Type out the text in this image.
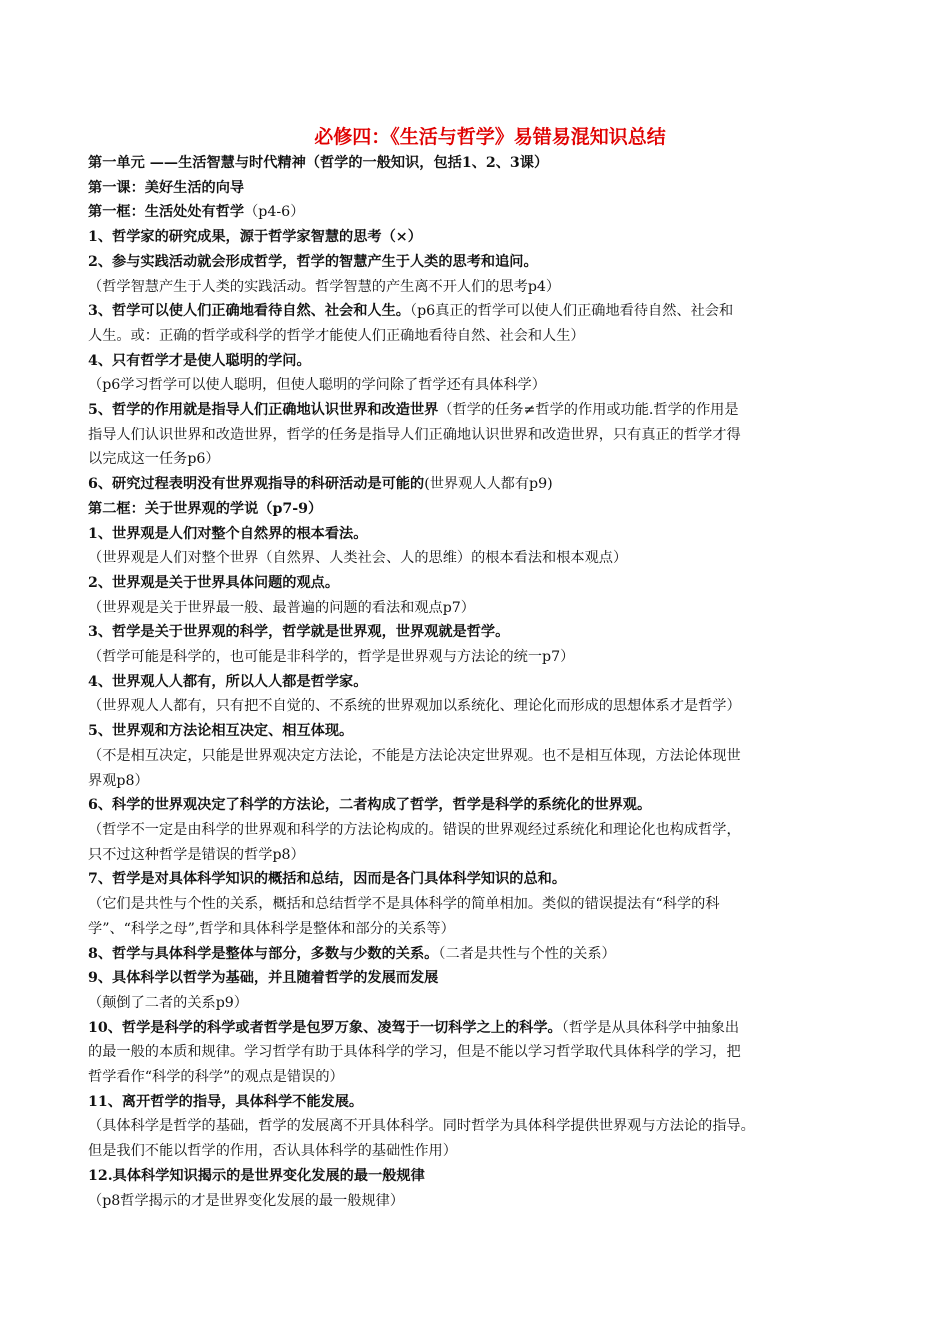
必修四：《生活与哲学》易错易混知识总结
第一单元 ——生活智慧与时代精神（哲学的一般知识，包括1、2、3课）
第一课：美好生活的向导
第一框：生活处处有哲学（p4-6）
1、哲学家的研究成果，源于哲学家智慧的思考（×）
2、参与实践活动就会形成哲学，哲学的智慧产生于人类的思考和追问。
（哲学智慧产生于人类的实践活动。哲学智慧的产生离不开人们的思考p4）
3、哲学可以使人们正确地看待自然、社会和人生。（p6真正的哲学可以使人们正确地看待自然、社会和
人生。或：正确的哲学或科学的哲学才能使人们正确地看待自然、社会和人生）
4、只有哲学才是使人聪明的学问。
（p6学习哲学可以使人聪明，但使人聪明的学问除了哲学还有具体科学）
5、哲学的作用就是指导人们正确地认识世界和改造世界（哲学的任务≠哲学的作用或功能.哲学的作用是
指导人们认识世界和改造世界，哲学的任务是指导人们正确地认识世界和改造世界，只有真正的哲学才得
以完成这一任务p6）
6、研究过程表明没有世界观指导的科研活动是可能的(世界观人人都有p9)
第二框：关于世界观的学说（p7-9）
1、世界观是人们对整个自然界的根本看法。
（世界观是人们对整个世界（自然界、人类社会、人的思维）的根本看法和根本观点）
2、世界观是关于世界具体问题的观点。
（世界观是关于世界最一般、最普遍的问题的看法和观点p7）
3、哲学是关于世界观的科学，哲学就是世界观，世界观就是哲学。
（哲学可能是科学的，也可能是非科学的，哲学是世界观与方法论的统一p7）
4、世界观人人都有，所以人人都是哲学家。
（世界观人人都有，只有把不自觉的、不系统的世界观加以系统化、理论化而形成的思想体系才是哲学）
5、世界观和方法论相互决定、相互体现。
（不是相互决定，只能是世界观决定方法论，不能是方法论决定世界观。也不是相互体现，方法论体现世
界观p8）
6、科学的世界观决定了科学的方法论，二者构成了哲学，哲学是科学的系统化的世界观。
（哲学不一定是由科学的世界观和科学的方法论构成的。错误的世界观经过系统化和理论化也构成哲学，
只不过这种哲学是错误的哲学p8）
7、哲学是对具体科学知识的概括和总结，因而是各门具体科学知识的总和。
（它们是共性与个性的关系，概括和总结哲学不是具体科学的简单相加。类似的错误提法有“科学的科
学”、“科学之母”,哲学和具体科学是整体和部分的关系等）
8、哲学与具体科学是整体与部分，多数与少数的关系。（二者是共性与个性的关系）
9、具体科学以哲学为基础，并且随着哲学的发展而发展
（颠倒了二者的关系p9）
10、哲学是科学的科学或者哲学是包罗万象、凌驾于一切科学之上的科学。（哲学是从具体科学中抽象出
的最一般的本质和规律。学习哲学有助于具体科学的学习，但是不能以学习哲学取代具体科学的学习，把
哲学看作“科学的科学”的观点是错误的）
11、离开哲学的指导，具体科学不能发展。
（具体科学是哲学的基础，哲学的发展离不开具体科学。同时哲学为具体科学提供世界观与方法论的指导。
但是我们不能以哲学的作用，否认具体科学的基础性作用）
12.具体科学知识揭示的是世界变化发展的最一般规律
（p8哲学揭示的才是世界变化发展的最一般规律）
